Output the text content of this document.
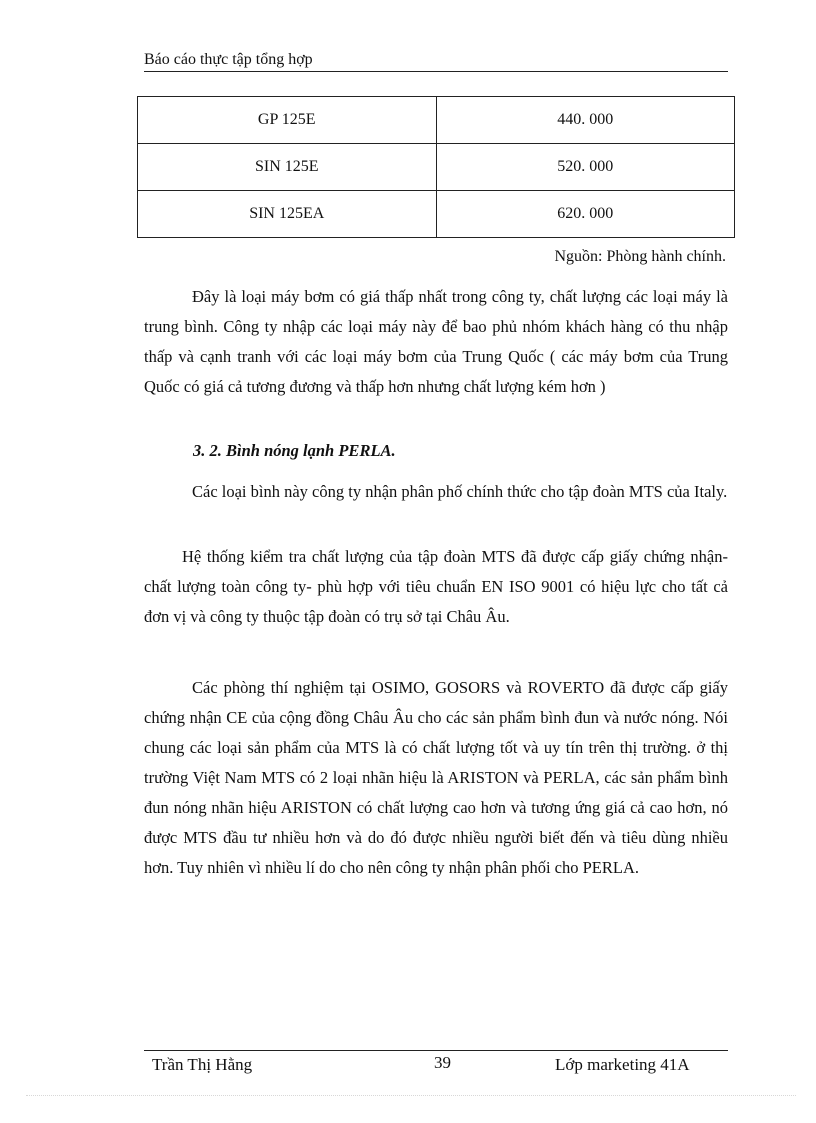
Báo cáo thực tập tổng hợp
GP 125E	440. 000
SIN 125E	520. 000
SIN 125EA	620. 000
Nguồn: Phòng hành chính.

Đây là loại máy bơm có giá thấp nhất trong công ty, chất lượng các loại máy là trung bình. Công ty nhập các loại máy này để bao phủ nhóm khách hàng có thu nhập thấp và cạnh tranh với các loại máy bơm của Trung Quốc ( các máy bơm của Trung Quốc có giá cả tương đương và thấp hơn nhưng chất lượng kém hơn )

3. 2. Bình nóng lạnh PERLA.

Các loại bình này công ty nhận phân phố chính thức cho tập đoàn MTS của Italy.

Hệ thống kiểm tra chất lượng của tập đoàn MTS đã được cấp giấy chứng nhận- chất lượng toàn công ty- phù hợp với tiêu chuẩn EN ISO 9001 có hiệu lực cho tất cả đơn vị và công ty thuộc tập đoàn có trụ sở tại Châu Âu.

Các phòng thí nghiệm tại OSIMO, GOSORS và ROVERTO đã được cấp giấy chứng nhận CE của cộng đồng Châu Âu cho các sản phẩm bình đun và nước nóng. Nói chung các loại sản phẩm của MTS là có chất lượng tốt và uy tín trên thị trường. ở thị trường Việt Nam MTS có 2 loại nhãn hiệu là ARISTON và PERLA, các sản phẩm bình đun nóng nhãn hiệu ARISTON có chất lượng cao hơn và tương ứng giá cả cao hơn, nó được MTS đầu tư nhiều hơn và do đó được nhiều người biết đến và tiêu dùng nhiều hơn. Tuy nhiên vì nhiều lí do cho nên công ty nhận phân phối cho PERLA.

Trần Thị Hằng	39	Lớp marketing 41A
